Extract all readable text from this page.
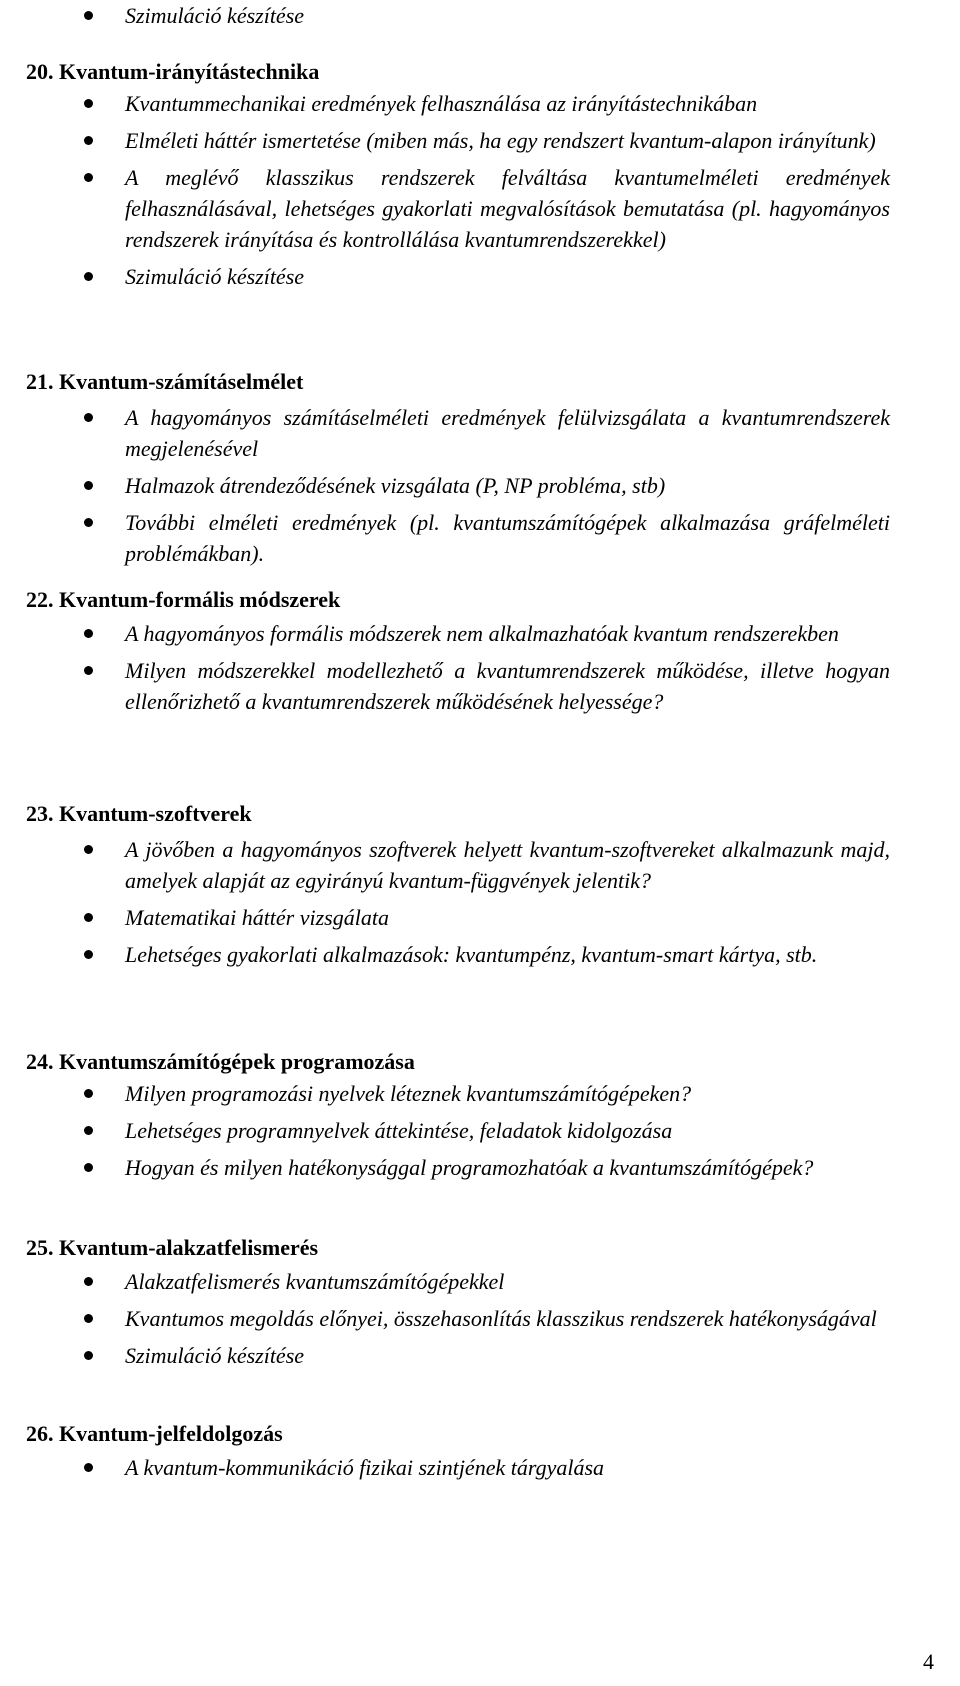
Szimuláció készítése
20. Kvantum-irányítástechnika
Kvantummechanikai eredmények felhasználása az irányítástechnikában
Elméleti háttér ismertetése (miben más, ha egy rendszert kvantum-alapon irányítunk)
A meglévő klasszikus rendszerek felváltása kvantumelméleti eredmények felhasználásával, lehetséges gyakorlati megvalósítások bemutatása (pl. hagyományos rendszerek irányítása és kontrollálása kvantumrendszerekkel)
Szimuláció készítése
21. Kvantum-számításelmélet
A hagyományos számításelméleti eredmények felülvizsgálata a kvantumrendszerek megjelenésével
Halmazok átrendeződésének vizsgálata (P, NP probléma, stb)
További elméleti eredmények (pl. kvantumszámítógépek alkalmazása gráfelméleti problémákban).
22. Kvantum-formális módszerek
A hagyományos formális módszerek nem alkalmazhatóak kvantum rendszerekben
Milyen módszerekkel modellezhető a kvantumrendszerek működése, illetve hogyan ellenőrizhető a kvantumrendszerek működésének helyessége?
23. Kvantum-szoftverek
A jövőben a hagyományos szoftverek helyett kvantum-szoftvereket alkalmazunk majd, amelyek alapját az egyirányú kvantum-függvények jelentik?
Matematikai háttér vizsgálata
Lehetséges gyakorlati alkalmazások: kvantumpénz, kvantum-smart kártya, stb.
24. Kvantumszámítógépek programozása
Milyen programozási nyelvek léteznek kvantumszámítógépeken?
Lehetséges programnyelvek áttekintése, feladatok kidolgozása
Hogyan és milyen hatékonysággal programozhatóak a kvantumszámítógépek?
25. Kvantum-alakzatfelismerés
Alakzatfelismerés kvantumszámítógépekkel
Kvantumos megoldás előnyei, összehasonlítás klasszikus rendszerek hatékonyságával
Szimuláció készítése
26. Kvantum-jelfeldolgozás
A kvantum-kommunikáció fizikai szintjének tárgyalása
4
